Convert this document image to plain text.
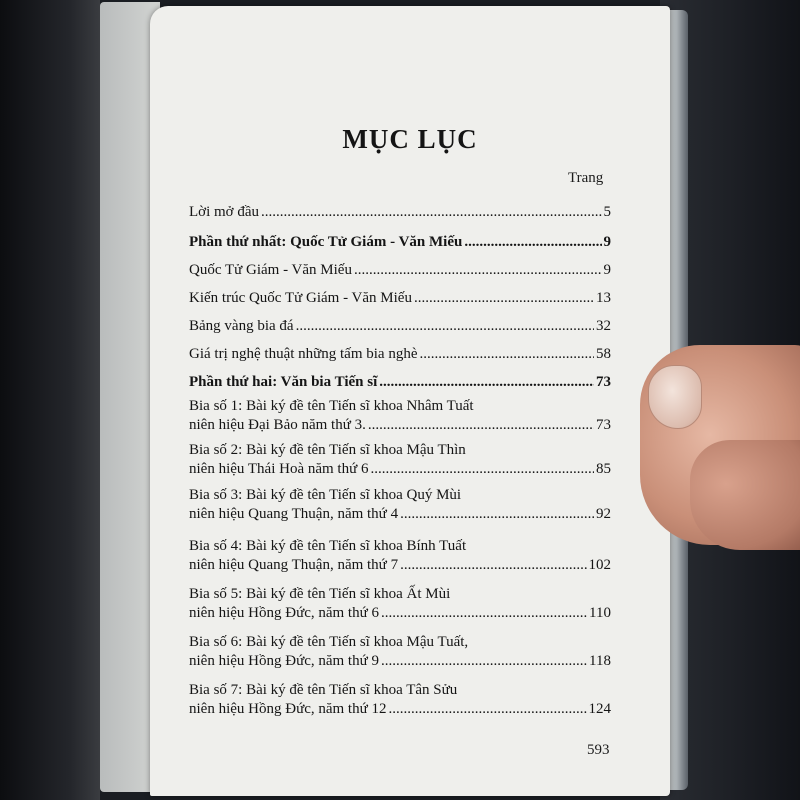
MỤC LỤC
Trang
Lời mở đầu .....	5
Phần thứ nhất: Quốc Tử Giám - Văn Miếu .....	9
Quốc Tử Giám - Văn Miếu .....	9
Kiến trúc Quốc Tử Giám - Văn Miếu .....	13
Bảng vàng bia đá .....	32
Giá trị nghệ thuật những tấm bia nghè .....	58
Phần thứ hai: Văn bia Tiến sĩ .....	73
Bia số 1: Bài ký đề tên Tiến sĩ khoa Nhâm Tuất
niên hiệu Đại Bảo năm thứ 3. .....	73
Bia số 2: Bài ký đề tên Tiến sĩ khoa Mậu Thìn
niên hiệu Thái Hoà năm thứ 6 .....	85
Bia số 3: Bài ký đề tên Tiến sĩ khoa Quý Mùi
niên hiệu Quang Thuận, năm thứ 4 .....	92
Bia số 4: Bài ký đề tên Tiến sĩ khoa Bính Tuất
niên hiệu Quang Thuận, năm thứ 7 .....	102
Bia số 5: Bài ký đề tên Tiến sĩ khoa Ất Mùi
niên hiệu Hồng Đức, năm thứ 6 .....	110
Bia số 6: Bài ký đề tên Tiến sĩ khoa Mậu Tuất,
niên hiệu Hồng Đức, năm thứ 9 .....	118
Bia số 7: Bài ký đề tên Tiến sĩ khoa Tân Sửu
niên hiệu Hồng Đức, năm thứ 12 .....	124
593
